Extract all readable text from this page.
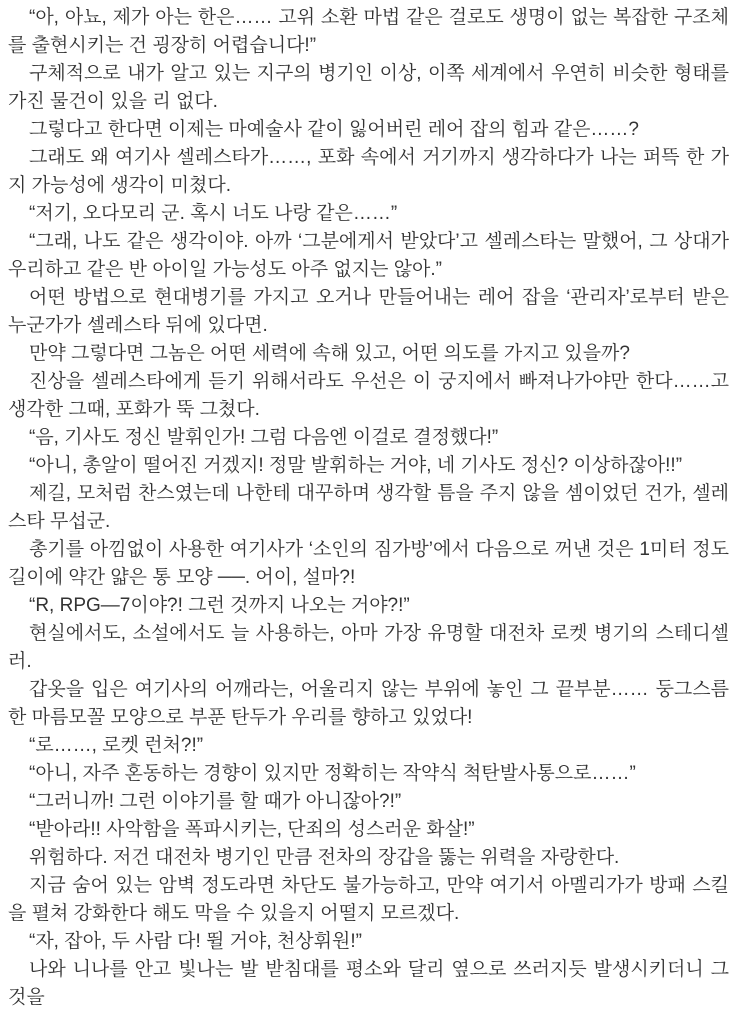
“아, 아뇨, 제가 아는 한은…… 고위 소환 마법 같은 걸로도 생명이 없는 복잡한 구조체를 출현시키는 건 굉장히 어렵습니다!”

구체적으로 내가 알고 있는 지구의 병기인 이상, 이쪽 세계에서 우연히 비슷한 형태를 가진 물건이 있을 리 없다.

그렇다고 한다면 이제는 마예술사 같이 잃어버린 레어 잡의 힘과 같은……?

그래도 왜 여기사 셀레스타가……, 포화 속에서 거기까지 생각하다가 나는 퍼뜩 한 가지 가능성에 생각이 미쳤다.

“저기, 오다모리 군. 혹시 너도 나랑 같은……”

“그래, 나도 같은 생각이야. 아까 ‘그분에게서 받았다’고 셀레스타는 말했어, 그 상대가 우리하고 같은 반 아이일 가능성도 아주 없지는 않아.”

어떤 방법으로 현대병기를 가지고 오거나 만들어내는 레어 잡을 ‘관리자’로부터 받은 누군가가 셀레스타 뒤에 있다면.

만약 그렇다면 그놈은 어떤 세력에 속해 있고, 어떤 의도를 가지고 있을까?

진상을 셀레스타에게 듣기 위해서라도 우선은 이 궁지에서 빠져나가야만 한다……고 생각한 그때, 포화가 뚝 그쳤다.

“음, 기사도 정신 발휘인가! 그럼 다음엔 이걸로 결정했다!”

“아니, 총알이 떨어진 거겠지! 정말 발휘하는 거야, 네 기사도 정신? 이상하잖아!!”

제길, 모처럼 찬스였는데 나한테 대꾸하며 생각할 틈을 주지 않을 셈이었던 건가, 셀레스타 무섭군.

총기를 아낌없이 사용한 여기사가 ‘소인의 짐가방’에서 다음으로 꺼낸 것은 1미터 정도 길이에 약간 얇은 통 모양 ──. 어이, 설마?!

“R, RPG—7이야?! 그런 것까지 나오는 거야?!”

현실에서도, 소설에서도 늘 사용하는, 아마 가장 유명할 대전차 로켓 병기의 스테디셀러.

갑옷을 입은 여기사의 어깨라는, 어울리지 않는 부위에 놓인 그 끝부분…… 둥그스름한 마름모꼴 모양으로 부푼 탄두가 우리를 향하고 있었다!

“로……, 로켓 런처?!”

“아니, 자주 혼동하는 경향이 있지만 정확히는 작약식 척탄발사통으로……”

“그러니까! 그런 이야기를 할 때가 아니잖아?!”

“받아라!! 사악함을 폭파시키는, 단죄의 성스러운 화살!”

위험하다. 저건 대전차 병기인 만큼 전차의 장갑을 뚫는 위력을 자랑한다.

지금 숨어 있는 암벽 정도라면 차단도 불가능하고, 만약 여기서 아멜리가가 방패 스킬을 펼쳐 강화한다 해도 막을 수 있을지 어떨지 모르겠다.

“자, 잡아, 두 사람 다! 뛸 거야, 천상휘원!”

나와 니나를 안고 빛나는 발 받침대를 평소와 달리 옆으로 쓰러지듯 발생시키더니 그것을
